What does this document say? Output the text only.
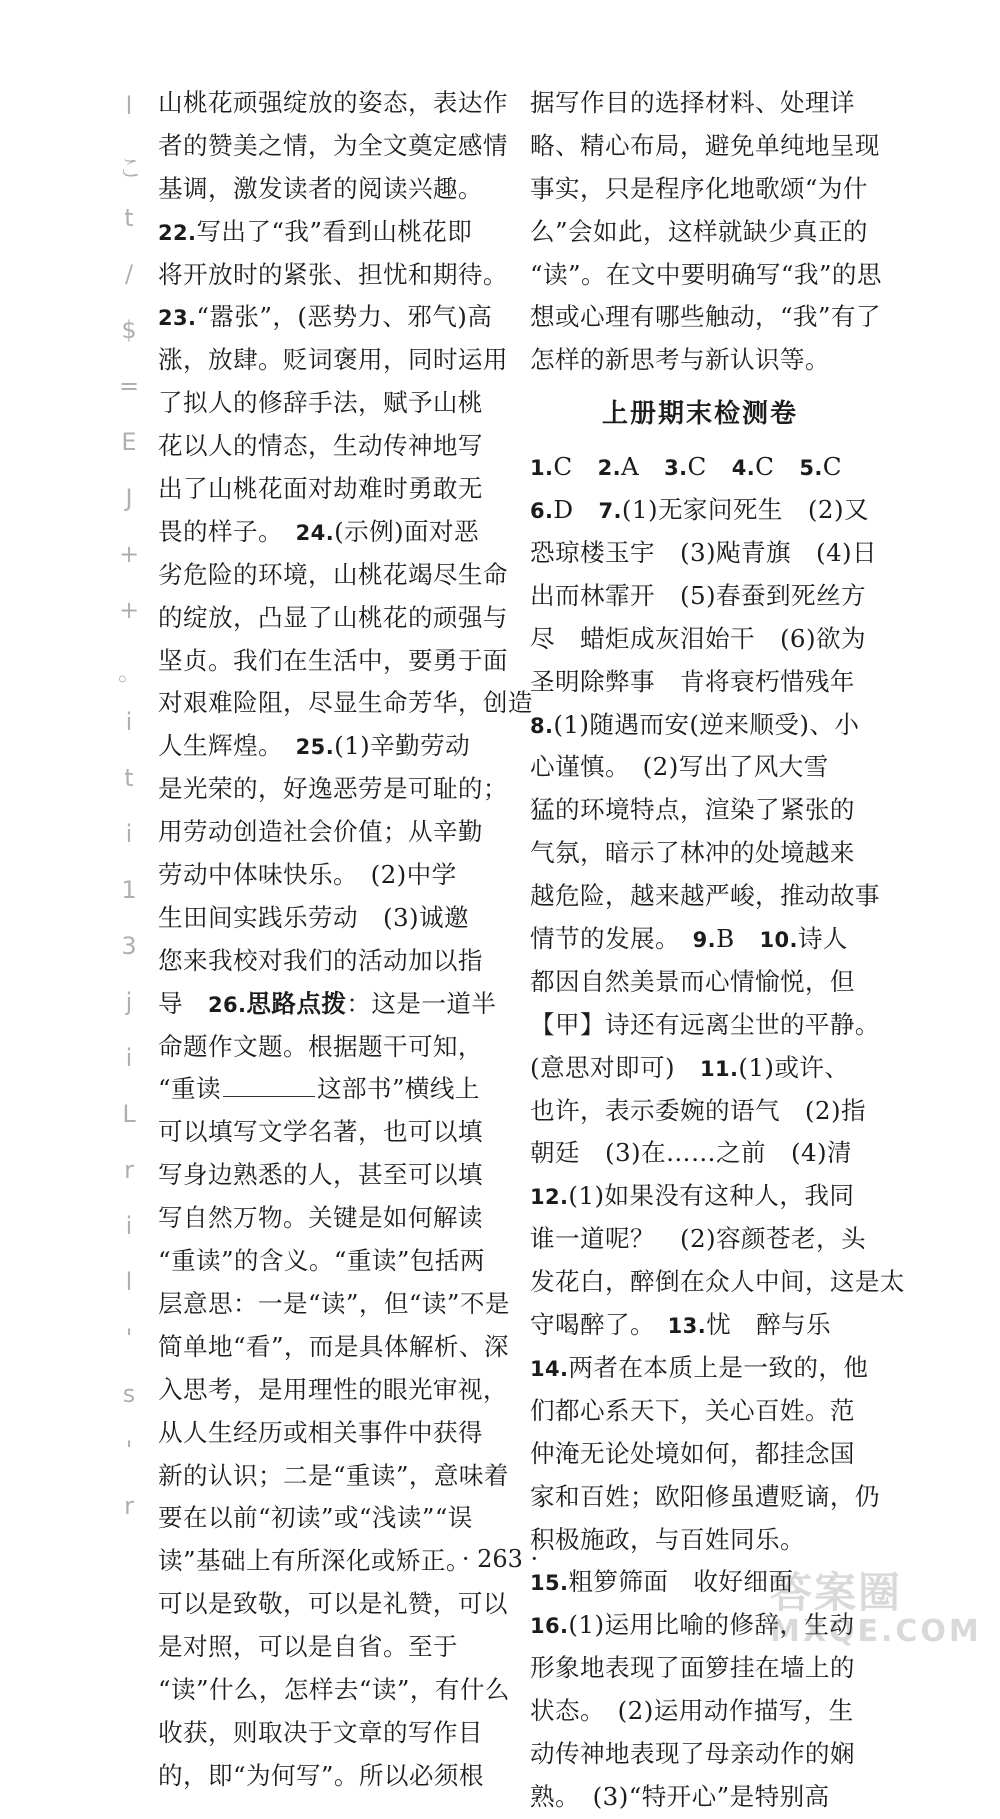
l
こ
t
/
$
=
E
J
+
+
。
i
t
i
1
3
j
i
L
r
i
l
'
s
'
r
山桃花顽强绽放的姿态，表达作
者的赞美之情，为全文奠定感情
基调，激发读者的阅读兴趣。
22.写出了“我”看到山桃花即
将开放时的紧张、担忧和期待。
23.“嚣张”，(恶势力、邪气)高
涨，放肆。贬词褒用，同时运用
了拟人的修辞手法，赋予山桃
花以人的情态，生动传神地写
出了山桃花面对劫难时勇敢无
畏的样子。　24.(示例)面对恶
劣危险的环境，山桃花竭尽生命
的绽放，凸显了山桃花的顽强与
坚贞。我们在生活中，要勇于面
对艰难险阻，尽显生命芳华，创造
人生辉煌。　25.(1)辛勤劳动
是光荣的，好逸恶劳是可耻的；
用劳动创造社会价值；从辛勤
劳动中体味快乐。　(2)中学
生田间实践乐劳动　(3)诚邀
您来我校对我们的活动加以指
导　26.思路点拨：这是一道半
命题作文题。根据题干可知，
“重读	这部书”横线上
可以填写文学名著，也可以填
写身边熟悉的人，甚至可以填
写自然万物。关键是如何解读
“重读”的含义。“重读”包括两
层意思：一是“读”，但“读”不是
简单地“看”，而是具体解析、深
入思考，是用理性的眼光审视，
从人生经历或相关事件中获得
新的认识；二是“重读”，意味着
要在以前“初读”或“浅读”“误
读”基础上有所深化或矫正。
可以是致敬，可以是礼赞，可以
是对照，可以是自省。至于
“读”什么，怎样去“读”，有什么
收获，则取决于文章的写作目
的，即“为何写”。所以必须根
据写作目的选择材料、处理详
略、精心布局，避免单纯地呈现
事实，只是程序化地歌颂“为什
么”会如此，这样就缺少真正的
“读”。在文中要明确写“我”的思
想或心理有哪些触动，“我”有了
怎样的新思考与新认识等。
上册期末检测卷
1.C　2.A　3.C　4.C　5.C
6.D　7.(1)无家问死生　(2)又
恐琼楼玉宇　(3)飐青旗　(4)日
出而林霏开　(5)春蚕到死丝方
尽　蜡炬成灰泪始干　(6)欲为
圣明除弊事　肯将衰朽惜残年
8.(1)随遇而安(逆来顺受)、小
心谨慎。　(2)写出了风大雪
猛的环境特点，渲染了紧张的
气氛，暗示了林冲的处境越来
越危险，越来越严峻，推动故事
情节的发展。　9.B　10.诗人
都因自然美景而心情愉悦，但
【甲】诗还有远离尘世的平静。
(意思对即可)　11.(1)或许、
也许，表示委婉的语气　(2)指
朝廷　(3)在……之前　(4)清
12.(1)如果没有这种人，我同
谁一道呢？　(2)容颜苍老，头
发花白，醉倒在众人中间，这是太
守喝醉了。　13.忧　醉与乐
14.两者在本质上是一致的，他
们都心系天下，关心百姓。范
仲淹无论处境如何，都挂念国
家和百姓；欧阳修虽遭贬谪，仍
积极施政，与百姓同乐。
15.粗箩筛面　收好细面
16.(1)运用比喻的修辞，生动
形象地表现了面箩挂在墙上的
状态。　(2)运用动作描写，生
动传神地表现了母亲动作的娴
熟。　(3)“特开心”是特别高
· 263 ·
答案圈
MXQE.COM
